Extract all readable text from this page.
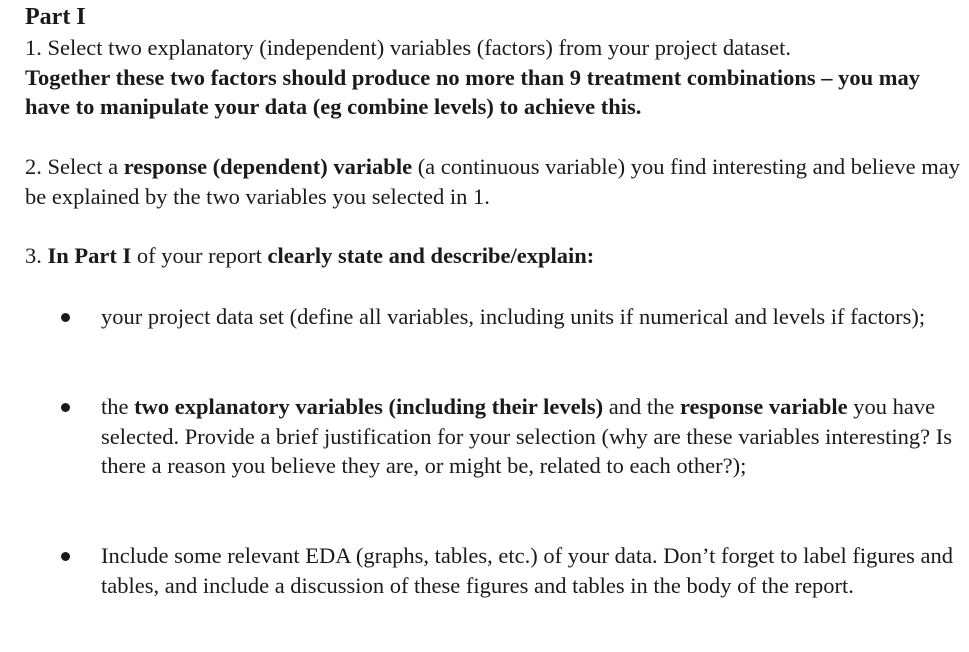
Part I

1. Select two explanatory (independent) variables (factors) from your project dataset.
Together these two factors should produce no more than 9 treatment combinations – you may have to manipulate your data (eg combine levels) to achieve this.

2. Select a response (dependent) variable (a continuous variable) you find interesting and believe may be explained by the two variables you selected in 1.

3. In Part I of your report clearly state and describe/explain:

your project data set (define all variables, including units if numerical and levels if factors);

the two explanatory variables (including their levels) and the response variable you have selected. Provide a brief justification for your selection (why are these variables interesting? Is there a reason you believe they are, or might be, related to each other?);

Include some relevant EDA (graphs, tables, etc.) of your data. Don’t forget to label figures and tables, and include a discussion of these figures and tables in the body of the report.
